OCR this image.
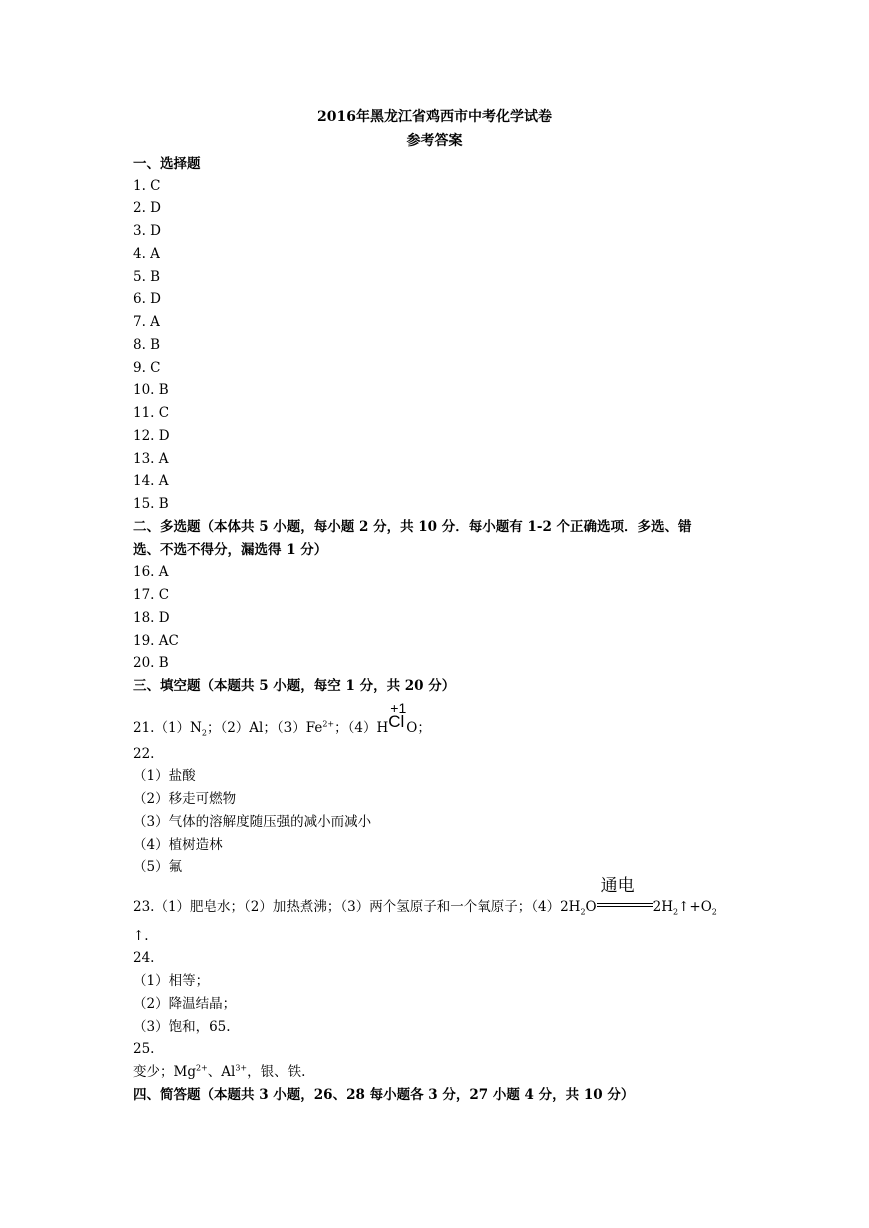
2016年黑龙江省鸡西市中考化学试卷
参考答案
一、选择题
1. C
2. D
3. D
4. A
5. B
6. D
7. A
8. B
9. C
10. B
11. C
12. D
13. A
14. A
15. B
二、多选题（本体共 5 小题，每小题 2 分，共 10 分．每小题有 1-2 个正确选项．多选、错
选、不选不得分，漏选得 1 分）
16. A
17. C
18. D
19. AC
20. B
三、填空题（本题共 5 小题，每空 1 分，共 20 分）
$21.(1)N_2$；（2）Al；$(3)Fe^{2+}$；（4）H
+1
Cl O；
22.
（1）盐酸
（2）移走可燃物
（3）气体的溶解度随压强的减小而减小
（4）植树造林
（5）氟
23.（1）肥皂水；（2）加热煮沸；（3）两个氢原子和一个氧原子；$(4)2H_2O$
通电
$2H_2↑+O_2$
↑.
24.
（1）相等；
（2）降温结晶；
（3）饱和，65.
25.
变少；$Mg^{2+}$、$Al^{3+}$，银、铁.
四、简答题（本题共 3 小题，26、28 每小题各 3 分，27 小题 4 分，共 10 分）
